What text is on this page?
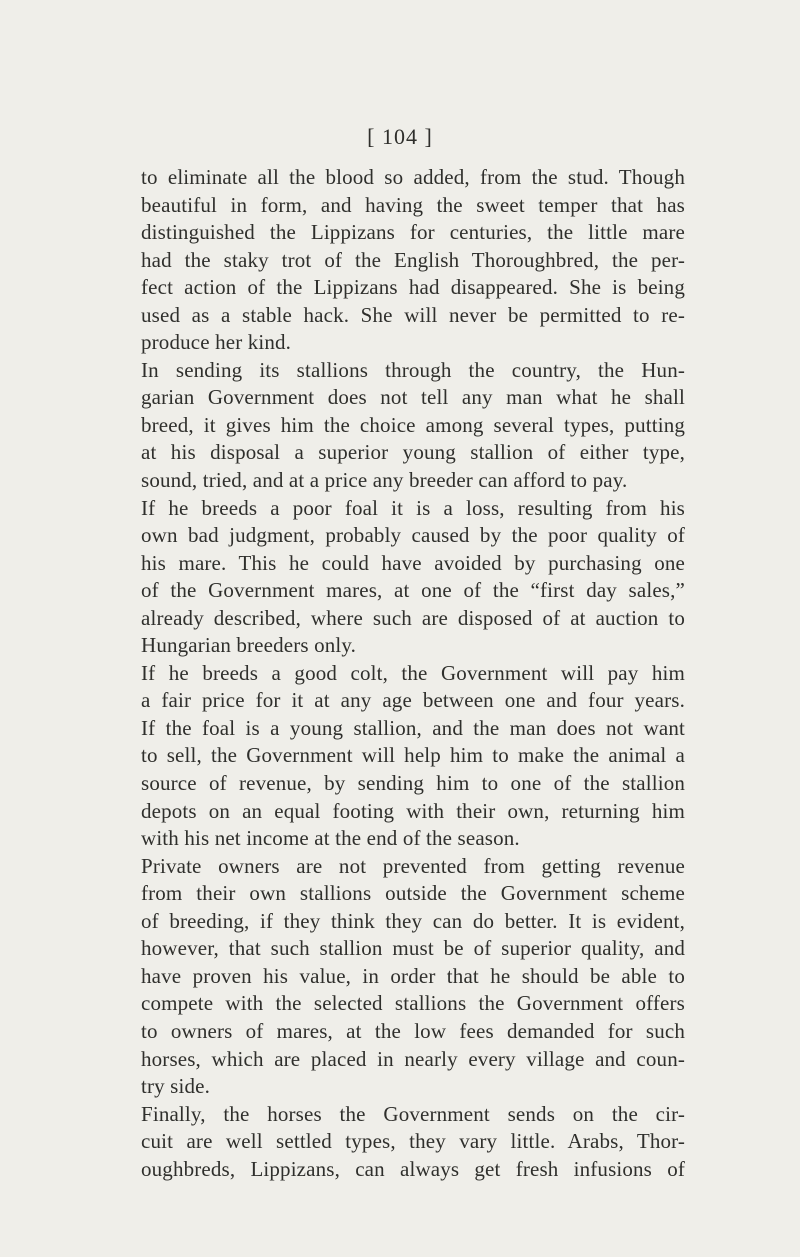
[ 104 ]
to eliminate all the blood so added, from the stud. Though
beautiful in form, and having the sweet temper that has
distinguished the Lippizans for centuries, the little mare
had the staky trot of the English Thoroughbred, the per-
fect action of the Lippizans had disappeared. She is being
used as a stable hack. She will never be permitted to re-
produce her kind.
In sending its stallions through the country, the Hun-
garian Government does not tell any man what he shall
breed, it gives him the choice among several types, putting
at his disposal a superior young stallion of either type,
sound, tried, and at a price any breeder can afford to pay.
If he breeds a poor foal it is a loss, resulting from his
own bad judgment, probably caused by the poor quality of
his mare. This he could have avoided by purchasing one
of the Government mares, at one of the “first day sales,”
already described, where such are disposed of at auction to
Hungarian breeders only.
If he breeds a good colt, the Government will pay him
a fair price for it at any age between one and four years.
If the foal is a young stallion, and the man does not want
to sell, the Government will help him to make the animal a
source of revenue, by sending him to one of the stallion
depots on an equal footing with their own, returning him
with his net income at the end of the season.
Private owners are not prevented from getting revenue
from their own stallions outside the Government scheme
of breeding, if they think they can do better. It is evident,
however, that such stallion must be of superior quality, and
have proven his value, in order that he should be able to
compete with the selected stallions the Government offers
to owners of mares, at the low fees demanded for such
horses, which are placed in nearly every village and coun-
try side.
Finally, the horses the Government sends on the cir-
cuit are well settled types, they vary little. Arabs, Thor-
oughbreds, Lippizans, can always get fresh infusions of
